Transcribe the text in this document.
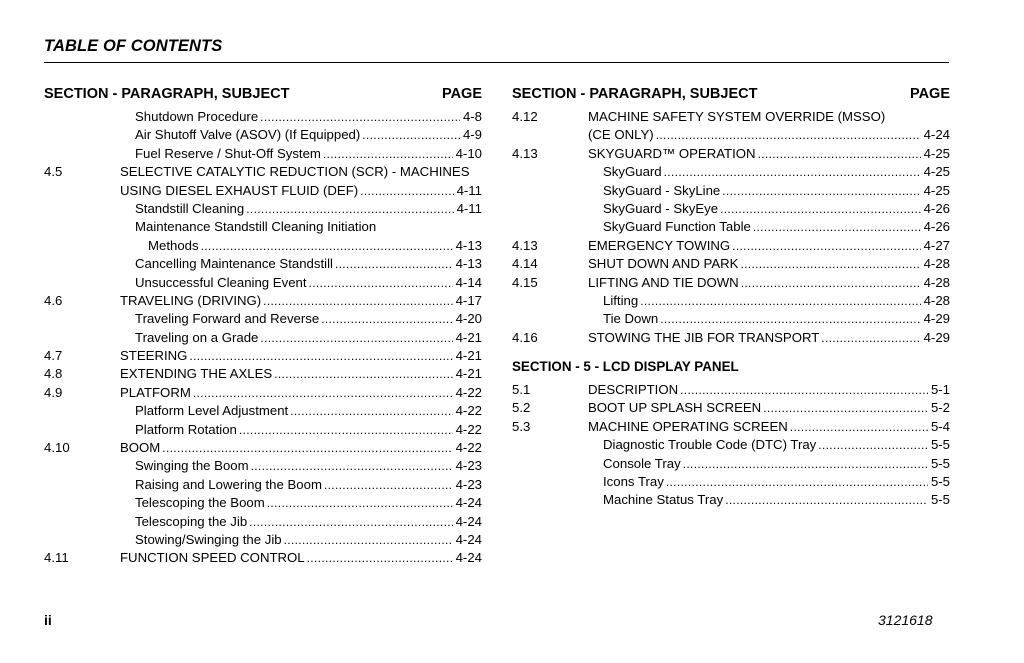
TABLE OF CONTENTS
SECTION - PARAGRAPH, SUBJECT	PAGE
Shutdown Procedure . . .	4-8
Air Shutoff Valve (ASOV) (If Equipped) . . .	4-9
Fuel Reserve / Shut-Off System . . .	4-10
4.5	SELECTIVE CATALYTIC REDUCTION (SCR) - MACHINES
USING DIESEL EXHAUST FLUID (DEF) . . .	4-11
Standstill Cleaning . . .	4-11
Maintenance Standstill Cleaning Initiation
Methods . . .	4-13
Cancelling Maintenance Standstill . . .	4-13
Unsuccessful Cleaning Event . . .	4-14
4.6	TRAVELING (DRIVING) . . .	4-17
Traveling Forward and Reverse . . .	4-20
Traveling on a Grade . . .	4-21
4.7	STEERING . . .	4-21
4.8	EXTENDING THE AXLES . . .	4-21
4.9	PLATFORM . . .	4-22
Platform Level Adjustment . . .	4-22
Platform Rotation . . .	4-22
4.10	BOOM . . .	4-22
Swinging the Boom . . .	4-23
Raising and Lowering the Boom . . .	4-23
Telescoping the Boom . . .	4-24
Telescoping the Jib . . .	4-24
Stowing/Swinging the Jib . . .	4-24
4.11	FUNCTION SPEED CONTROL . . .	4-24
SECTION - PARAGRAPH, SUBJECT	PAGE
4.12	MACHINE SAFETY SYSTEM OVERRIDE (MSSO)
(CE ONLY) . . .	4-24
4.13	SKYGUARD™ OPERATION . . .	4-25
SkyGuard . . .	4-25
SkyGuard - SkyLine . . .	4-25
SkyGuard - SkyEye . . .	4-26
SkyGuard Function Table . . .	4-26
4.13	EMERGENCY TOWING . . .	4-27
4.14	SHUT DOWN AND PARK . . .	4-28
4.15	LIFTING AND TIE DOWN . . .	4-28
Lifting . . .	4-28
Tie Down . . .	4-29
4.16	STOWING THE JIB FOR TRANSPORT . . .	4-29
SECTION - 5 - LCD DISPLAY PANEL
5.1	DESCRIPTION . . .	5-1
5.2	BOOT UP SPLASH SCREEN . . .	5-2
5.3	MACHINE OPERATING SCREEN . . .	5-4
Diagnostic Trouble Code (DTC) Tray . . .	5-5
Console Tray . . .	5-5
Icons Tray . . .	5-5
Machine Status Tray . . .	5-5
ii	3121618
